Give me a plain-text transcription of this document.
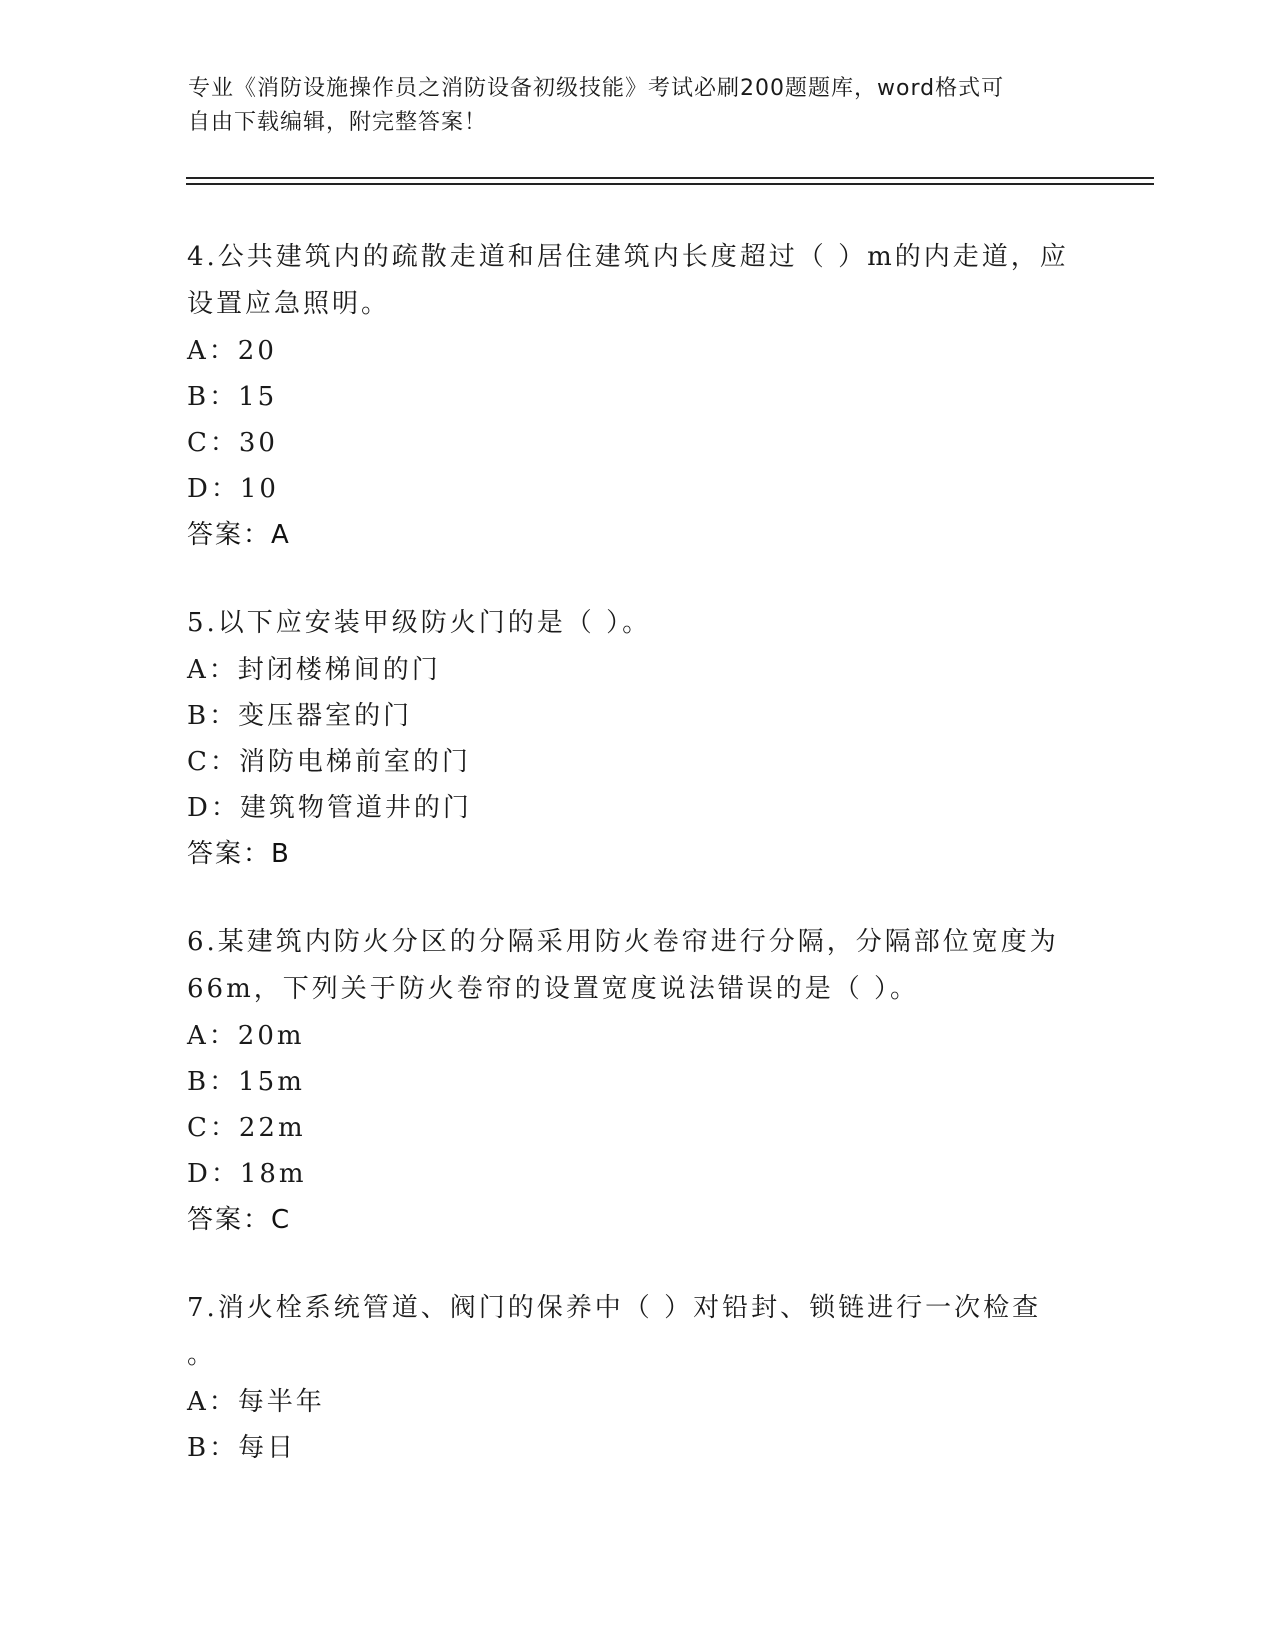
专业《消防设施操作员之消防设备初级技能》考试必刷200题题库，word格式可
自由下载编辑，附完整答案！

4.公共建筑内的疏散走道和居住建筑内长度超过（ ）m的内走道，应

设置应急照明。

A：20

B：15

C：30

D：10

答案：A

5.以下应安装甲级防火门的是（ ）。

A：封闭楼梯间的门

B：变压器室的门

C：消防电梯前室的门

D：建筑物管道井的门

答案：B

6.某建筑内防火分区的分隔采用防火卷帘进行分隔，分隔部位宽度为

66m，下列关于防火卷帘的设置宽度说法错误的是（ ）。

A：20m

B：15m

C：22m

D：18m

答案：C

7.消火栓系统管道、阀门的保养中（ ）对铅封、锁链进行一次检查

。

A：每半年

B：每日
